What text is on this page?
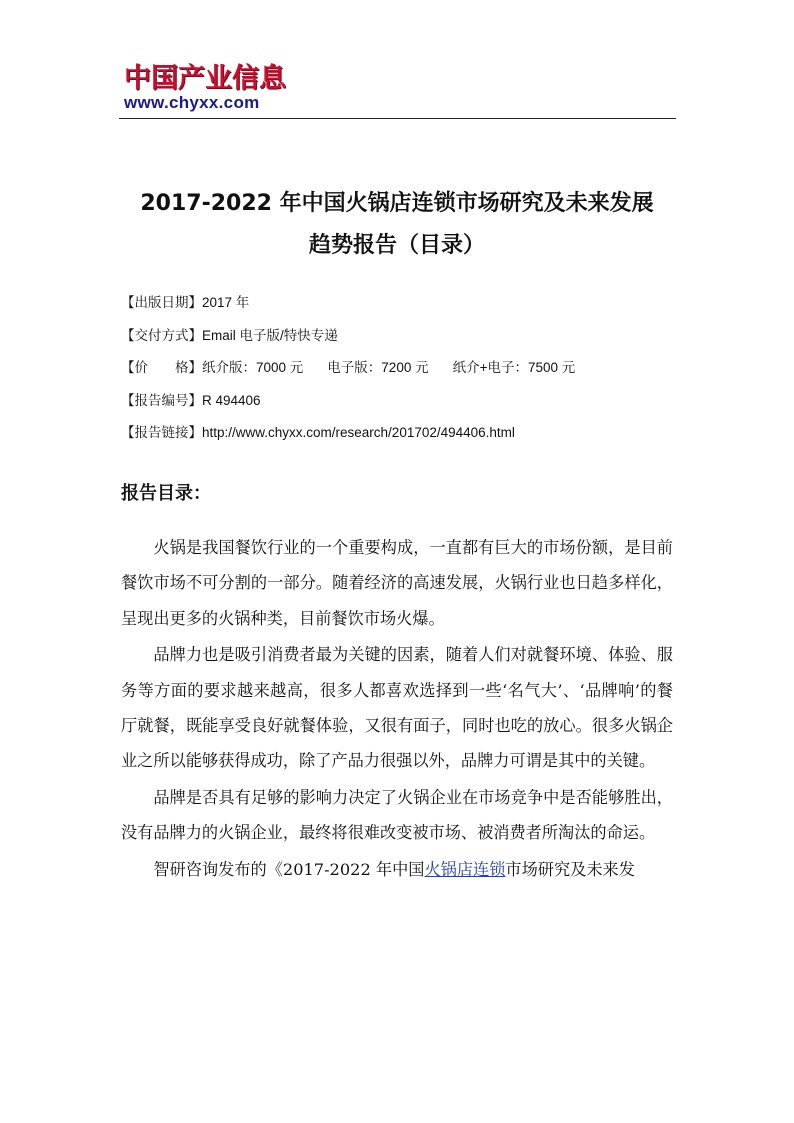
中国产业信息
www.chyxx.com
2017-2022 年中国火锅店连锁市场研究及未来发展
趋势报告（目录）
【出版日期】2017 年
【交付方式】Email 电子版/特快专递
【价　　格】纸介版：7000 元 电子版：7200 元 纸介+电子：7500 元
【报告编号】R 494406
【报告链接】http://www.chyxx.com/research/201702/494406.html
报告目录：

火锅是我国餐饮行业的一个重要构成，一直都有巨大的市场份额，是目前餐饮市场不可分割的一部分。随着经济的高速发展，火锅行业也日趋多样化，呈现出更多的火锅种类，目前餐饮市场火爆。

品牌力也是吸引消费者最为关键的因素，随着人们对就餐环境、体验、服务等方面的要求越来越高，很多人都喜欢选择到一些‘名气大’、‘品牌响’的餐厅就餐，既能享受良好就餐体验，又很有面子，同时也吃的放心。很多火锅企业之所以能够获得成功，除了产品力很强以外，品牌力可谓是其中的关键。

品牌是否具有足够的影响力决定了火锅企业在市场竞争中是否能够胜出，没有品牌力的火锅企业，最终将很难改变被市场、被消费者所淘汰的命运。

智研咨询发布的《2017-2022 年中国火锅店连锁市场研究及未来发
